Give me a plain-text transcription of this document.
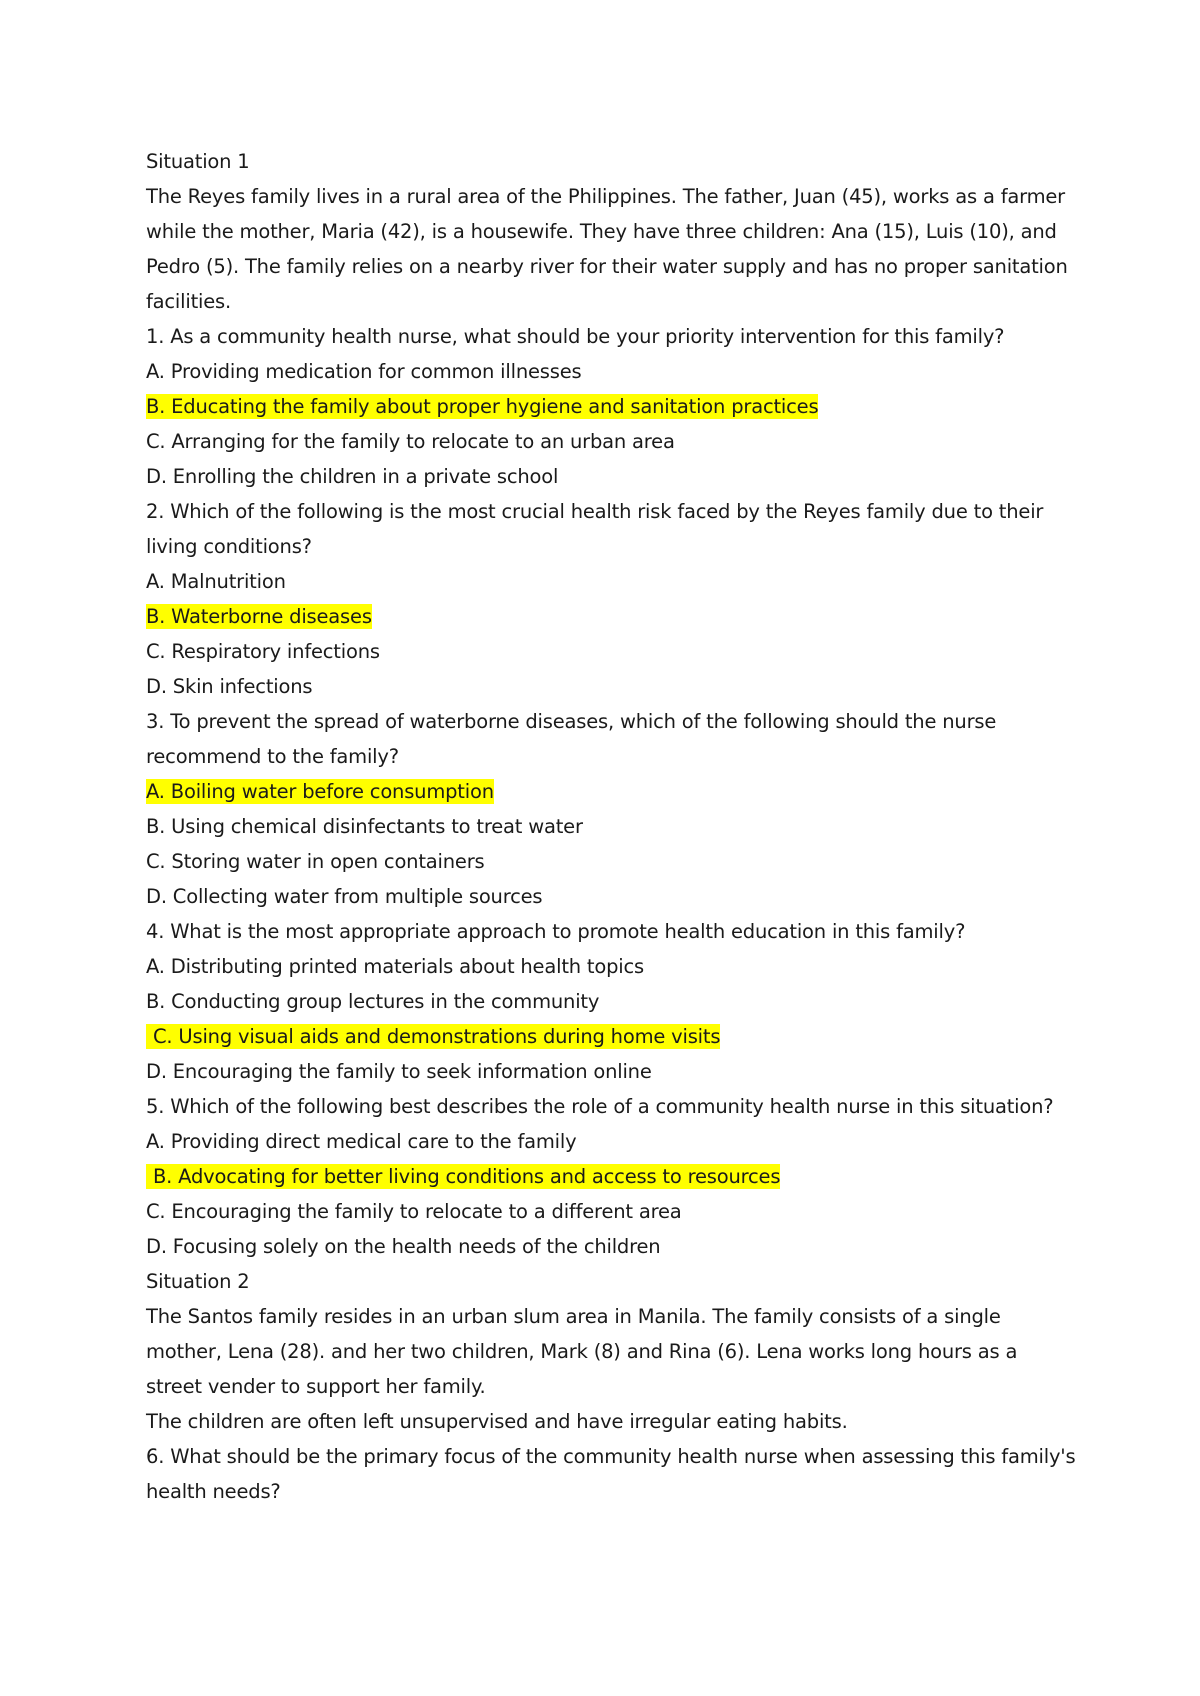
Situation 1

The Reyes family lives in a rural area of the Philippines. The father, Juan (45), works as a farmer while the mother, Maria (42), is a housewife. They have three children: Ana (15), Luis (10), and Pedro (5). The family relies on a nearby river for their water supply and has no proper sanitation facilities.

1. As a community health nurse, what should be your priority intervention for this family?

A. Providing medication for common illnesses

B. Educating the family about proper hygiene and sanitation practices

C. Arranging for the family to relocate to an urban area

D. Enrolling the children in a private school

2. Which of the following is the most crucial health risk faced by the Reyes family due to their living conditions?

A. Malnutrition

B. Waterborne diseases

C. Respiratory infections

D. Skin infections

3. To prevent the spread of waterborne diseases, which of the following should the nurse recommend to the family?

A. Boiling water before consumption

B. Using chemical disinfectants to treat water

C. Storing water in open containers

D. Collecting water from multiple sources

4. What is the most appropriate approach to promote health education in this family?

A. Distributing printed materials about health topics

B. Conducting group lectures in the community

C. Using visual aids and demonstrations during home visits

D. Encouraging the family to seek information online

5. Which of the following best describes the role of a community health nurse in this situation?

A. Providing direct medical care to the family

B. Advocating for better living conditions and access to resources

C. Encouraging the family to relocate to a different area

D. Focusing solely on the health needs of the children

Situation 2

The Santos family resides in an urban slum area in Manila. The family consists of a single mother, Lena (28). and her two children, Mark (8) and Rina (6). Lena works long hours as a street vender to support her family.

The children are often left unsupervised and have irregular eating habits.

6. What should be the primary focus of the community health nurse when assessing this family's health needs?
